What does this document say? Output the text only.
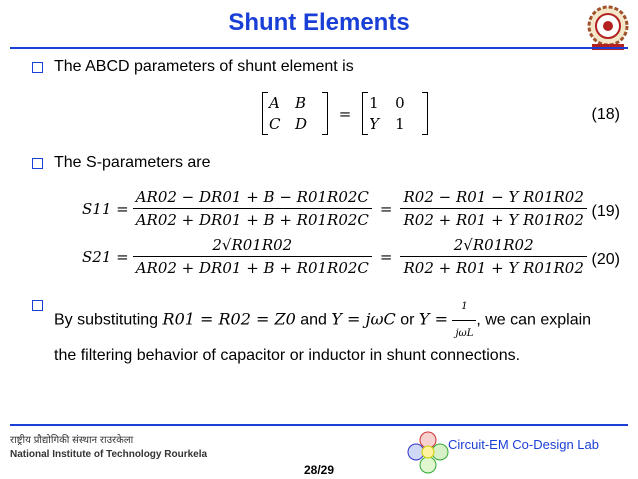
Shunt Elements
The ABCD parameters of shunt element is
A	B
C D
=
1	0
Y	1
(18)
The S-parameters are
$S11 = \frac{AR02 - DR01 + B - R01R02C}{AR02 + DR01 + B + R01R02C} = \frac{\text{R02 − R01 − Y R01R02}}{\text{R02 + R01 + Y R01R02}} (19)$
$S21 = \frac{2√R01R02}{AR02 + DR01 + B + R01R02C} = \frac{2√R01R02}{\text{R02 + R01 + Y R01R02}} (20)$
By substituting R01 = R02 = Z0 and Y = jωC or $Y = \frac{1}{\text{jωL}}$ , we can explain
the filtering behavior of capacitor or inductor in shunt connections.
राष्ट्रीय प्रौद्योगिकी संस्थान राउरकेला
National Institute of Technology Rourkela
Circuit-EM Co-Design Lab
28/29
